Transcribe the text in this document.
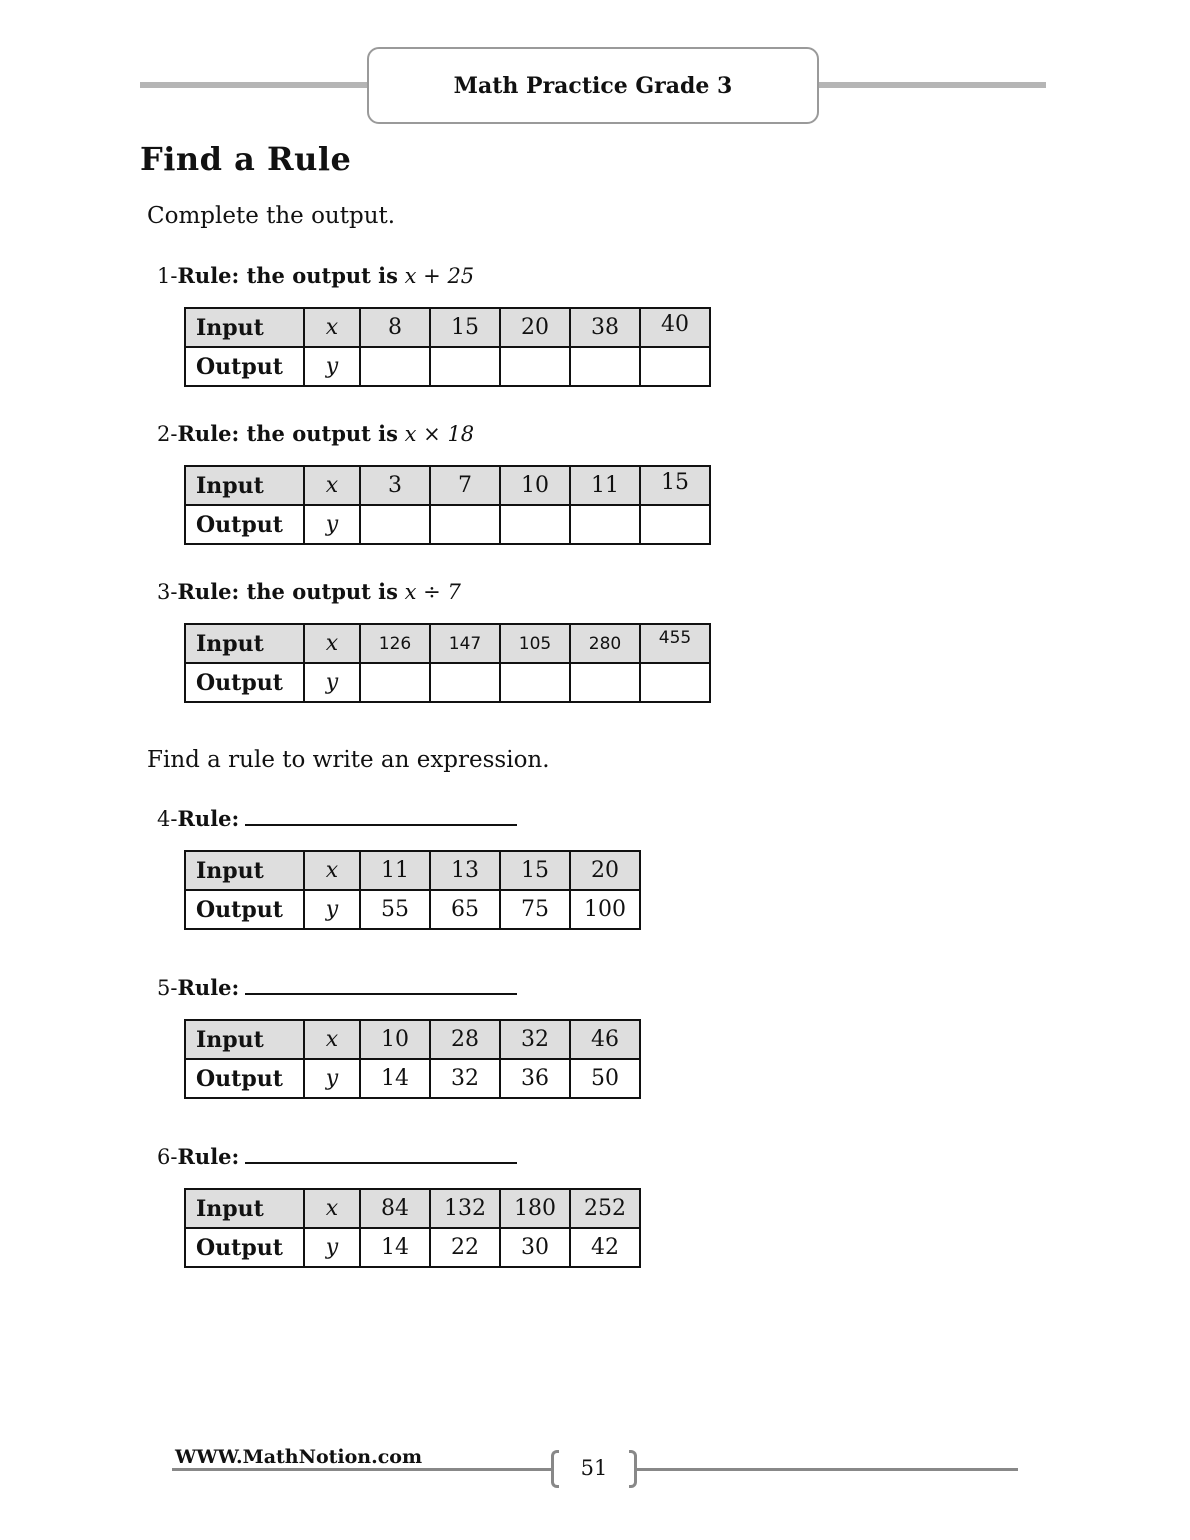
Math Practice Grade 3
Find a Rule
Complete the output.
1-Rule: the output is x + 25
Input	x	8	15	20	38	40
Output	y					
2-Rule: the output is x × 18
Input	x	3	7	10	11	15
Output	y					
3-Rule: the output is x ÷ 7
Input	x	126	147	105	280	455
Output	y					
Find a rule to write an expression.
4-Rule:
Input	x	11	13	15	20
Output	y	55	65	75	100
5-Rule:
Input	x	10	28	32	46
Output	y	14	32	36	50
6-Rule:
Input	x	84	132	180	252
Output	y	14	22	30	42
WWW.MathNotion.com	51
